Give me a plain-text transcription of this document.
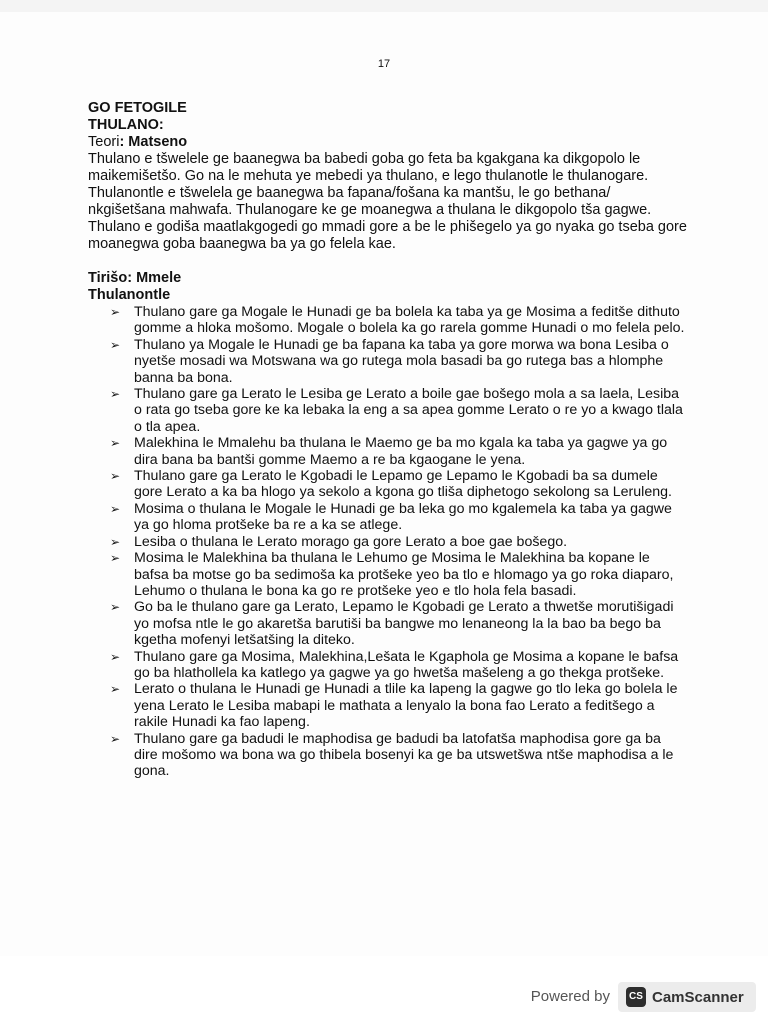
17

GO FETOGILE

THULANO:

Teori: Matseno

Thulano e tšwelele ge baanegwa ba babedi goba go feta ba kgakgana ka dikgopolo le maikemišetšo. Go na le mehuta ye mebedi ya thulano, e lego thulanotle le thulanogare. Thulanontle e tšwelela ge baanegwa ba fapana/fošana ka mantšu, le go bethana/ nkgišetšana mahwafa. Thulanogare ke ge moanegwa a thulana le dikgopolo tša gagwe. Thulano e godiša maatlakgogedi go mmadi gore a be le phišegelo ya go nyaka go tseba gore moanegwa goba baanegwa ba ya go felela kae.

Tirišo: Mmele

Thulanontle

➢ Thulano gare ga Mogale le Hunadi ge ba bolela ka taba ya ge Mosima a feditše dithuto gomme a hloka mošomo. Mogale o bolela ka go rarela gomme Hunadi o mo felela pelo.
➢ Thulano ya Mogale le Hunadi ge ba fapana ka taba ya gore morwa wa bona Lesiba o nyetše mosadi wa Motswana wa go rutega mola basadi ba go rutega bas a hlomphe banna ba bona.
➢ Thulano gare ga Lerato le Lesiba ge Lerato a boile gae bošego mola a sa laela, Lesiba o rata go tseba gore ke ka lebaka la eng a sa apea gomme Lerato o re yo a kwago tlala o tla apea.
➢ Malekhina le Mmalehu ba thulana le Maemo ge ba mo kgala ka taba ya gagwe ya go dira bana ba bantši gomme Maemo a re ba kgaogane le yena.
➢ Thulano gare ga Lerato le Kgobadi le Lepamo ge Lepamo le Kgobadi ba sa dumele gore Lerato a ka ba hlogo ya sekolo a kgona go tliša diphetogo sekolong sa Leruleng.
➢ Mosima o thulana le Mogale le Hunadi ge ba leka go mo kgalemela ka taba ya gagwe ya go hloma protšeke ba re a ka se atlege.
➢ Lesiba o thulana le Lerato morago ga gore Lerato a boe gae bošego.
➢ Mosima le Malekhina ba thulana le Lehumo ge Mosima le Malekhina ba kopane le bafsa ba motse go ba sedimoša ka protšeke yeo ba tlo e hlomago ya go roka diaparo, Lehumo o thulana le bona ka go re protšeke yeo e tlo hola fela basadi.
➢ Go ba le thulano gare ga Lerato, Lepamo le Kgobadi ge Lerato a thwetše morutišigadi yo mofsa ntle le go akaretša barutiši ba bangwe mo lenaneong la la bao ba bego ba kgetha mofenyi letšatšing la diteko.
➢ Thulano gare ga Mosima, Malekhina,Lešata le Kgaphola ge Mosima a kopane le bafsa go ba hlathollela ka katlego ya gagwe ya go hwetša mašeleng a go thekga protšeke.
➢ Lerato o thulana le Hunadi ge Hunadi a tlile ka lapeng la gagwe go tlo leka go bolela le yena Lerato le Lesiba mabapi le mathata a lenyalo la bona fao Lerato a feditšego a rakile Hunadi ka fao lapeng.
➢ Thulano gare ga badudi le maphodisa ge badudi ba latofatša maphodisa gore ga ba dire mošomo wa bona wa go thibela bosenyi ka ge ba utswetšwa ntše maphodisa a le gona.
Powered by	CS CamScanner
